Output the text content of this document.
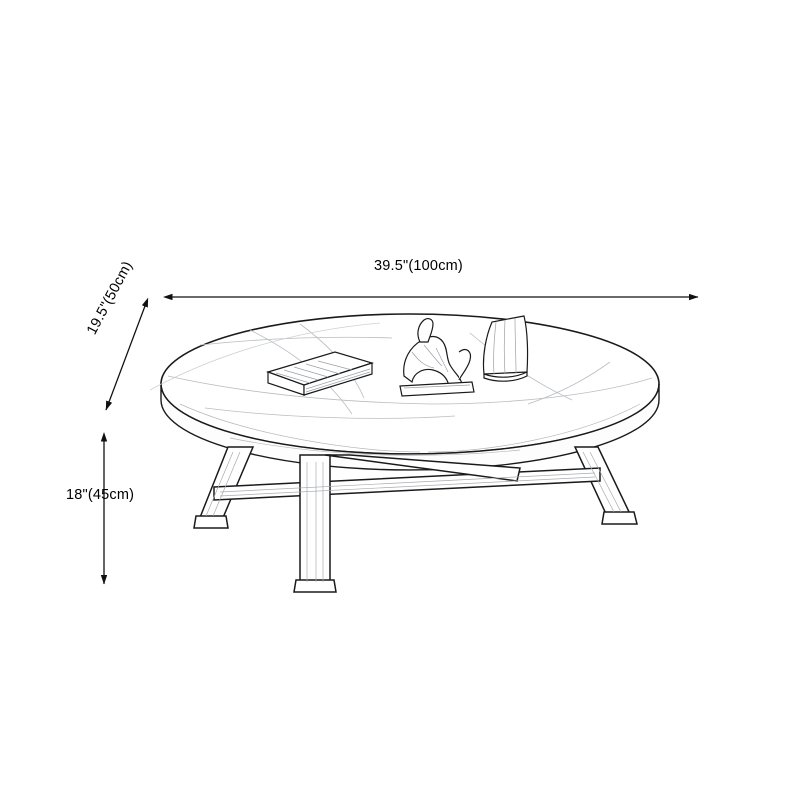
39.5"(100cm)
19.5"(50cm)
18"(45cm)
